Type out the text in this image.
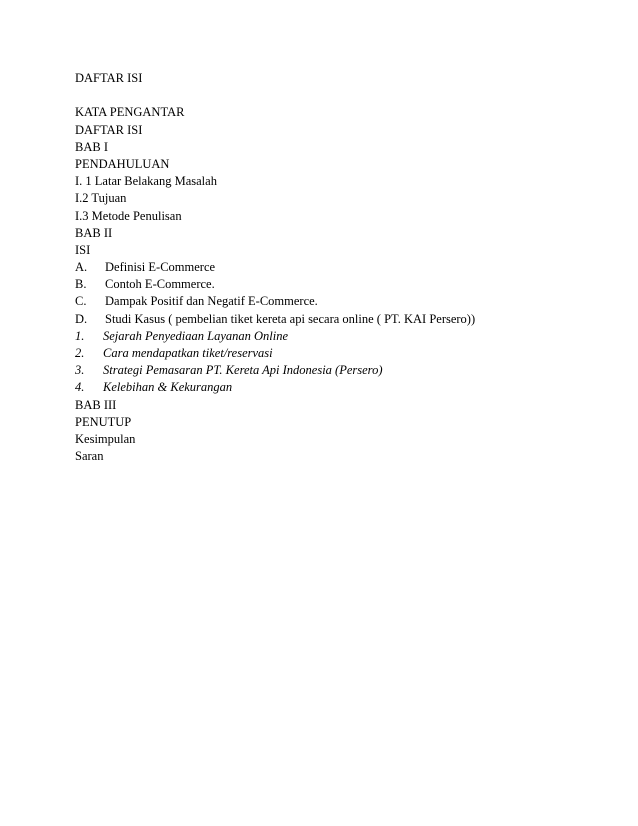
DAFTAR ISI
KATA PENGANTAR
DAFTAR ISI
BAB I
PENDAHULUAN
I. 1 Latar Belakang Masalah
I.2 Tujuan
I.3 Metode Penulisan
BAB II
ISI
A.	Definisi E-Commerce
B.	Contoh E-Commerce.
C.	Dampak Positif dan Negatif E-Commerce.
D.	Studi Kasus ( pembelian tiket kereta api secara online ( PT. KAI Persero))
1.	Sejarah Penyediaan Layanan Online
2.	Cara mendapatkan tiket/reservasi
3.	Strategi Pemasaran PT. Kereta Api Indonesia (Persero)
4.	Kelebihan & Kekurangan
BAB III
PENUTUP
Kesimpulan
Saran
